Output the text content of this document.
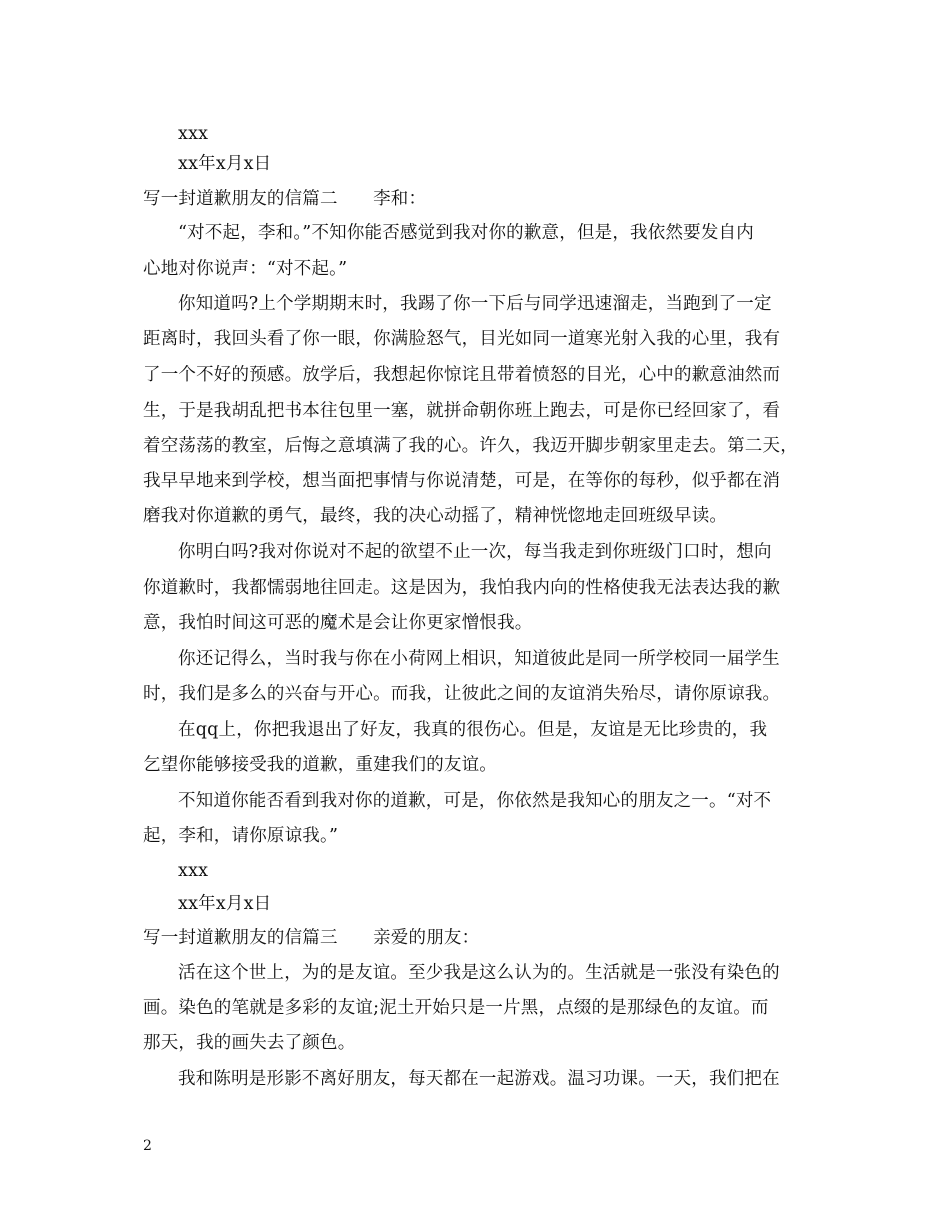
xxx
xx年x月x日
写一封道歉朋友的信篇二　　李和：
“对不起，李和。”不知你能否感觉到我对你的歉意，但是，我依然要发自内
心地对你说声：“对不起。”
你知道吗?上个学期期末时，我踢了你一下后与同学迅速溜走，当跑到了一定
距离时，我回头看了你一眼，你满脸怒气，目光如同一道寒光射入我的心里，我有
了一个不好的预感。放学后，我想起你惊诧且带着愤怒的目光，心中的歉意油然而
生，于是我胡乱把书本往包里一塞，就拼命朝你班上跑去，可是你已经回家了，看
着空荡荡的教室，后悔之意填满了我的心。许久，我迈开脚步朝家里走去。第二天，
我早早地来到学校，想当面把事情与你说清楚，可是，在等你的每秒，似乎都在消
磨我对你道歉的勇气，最终，我的决心动摇了，精神恍惚地走回班级早读。
你明白吗?我对你说对不起的欲望不止一次，每当我走到你班级门口时，想向
你道歉时，我都懦弱地往回走。这是因为，我怕我内向的性格使我无法表达我的歉
意，我怕时间这可恶的魔术是会让你更家憎恨我。
你还记得么，当时我与你在小荷网上相识，知道彼此是同一所学校同一届学生
时，我们是多么的兴奋与开心。而我，让彼此之间的友谊消失殆尽，请你原谅我。
在qq上，你把我退出了好友，我真的很伤心。但是，友谊是无比珍贵的，我
乞望你能够接受我的道歉，重建我们的友谊。
不知道你能否看到我对你的道歉，可是，你依然是我知心的朋友之一。“对不
起，李和，请你原谅我。”
xxx
xx年x月x日
写一封道歉朋友的信篇三　　亲爱的朋友：
活在这个世上，为的是友谊。至少我是这么认为的。生活就是一张没有染色的
画。染色的笔就是多彩的友谊;泥土开始只是一片黑，点缀的是那绿色的友谊。而
那天，我的画失去了颜色。
我和陈明是形影不离好朋友，每天都在一起游戏。温习功课。一天，我们把在
2
